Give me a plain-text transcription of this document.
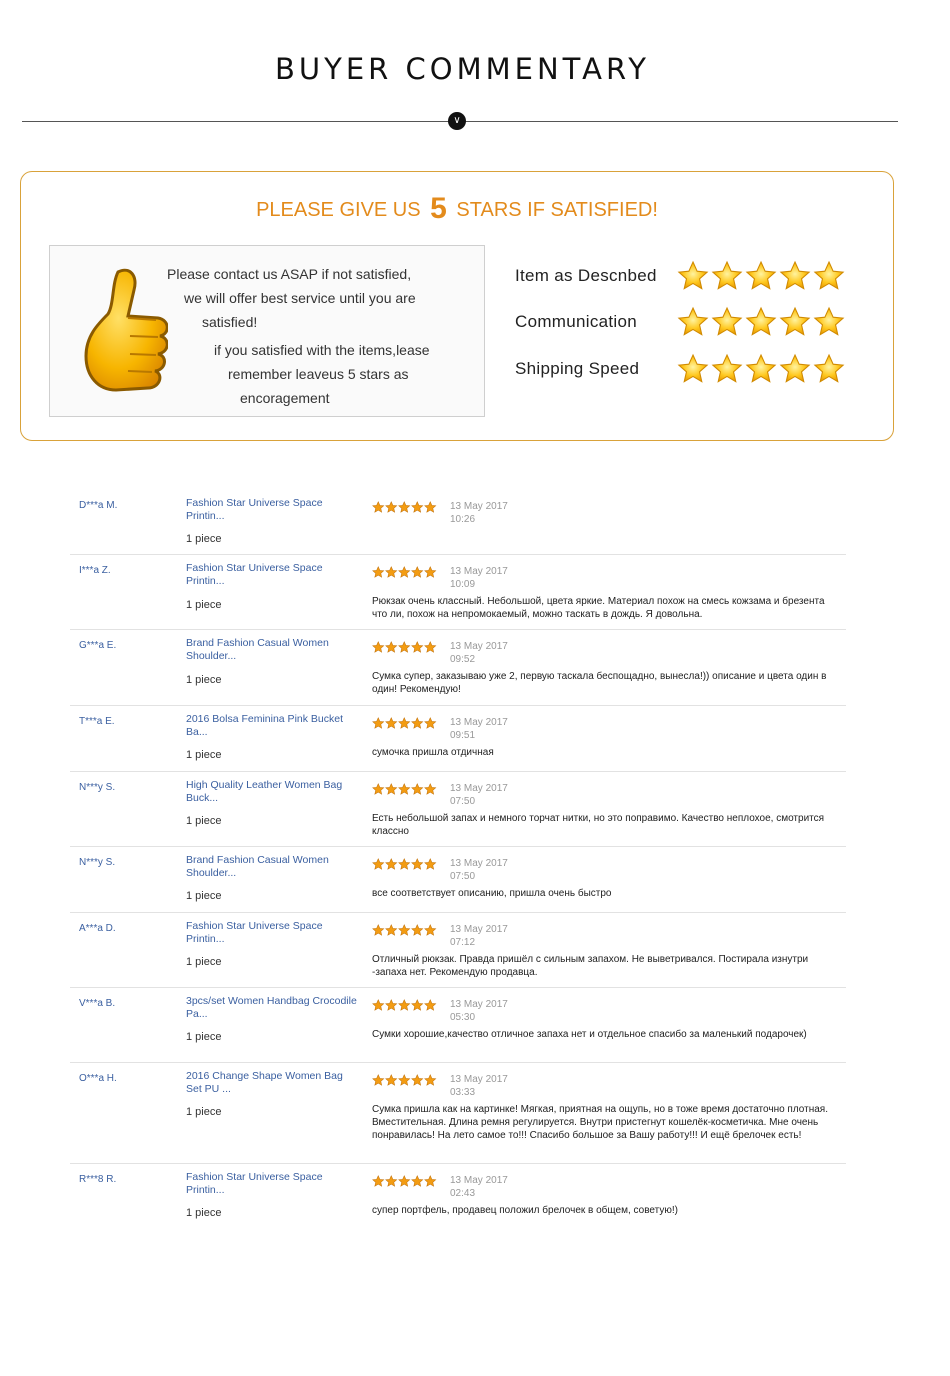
BUYER COMMENTARY
∨
PLEASE GIVE US 5 STARS IF SATISFIED!
Please contact us ASAP if not satisfied,
we will offer best service until you are
satisfied!
if you satisfied with the items,lease
remember leaveus 5 stars as
encoragement
Item as Descnbed
Communication
Shipping Speed
D***a M.	Fashion Star Universe Space Printin...
1 piece
13 May 2017
10:26
I***a Z.	Fashion Star Universe Space Printin...
1 piece
13 May 2017
10:09
Рюкзак очень классный. Небольшой, цвета яркие. Материал похож на смесь кожзама и брезента что ли, похож на непромокаемый, можно таскать в дождь. Я довольна.
G***a E.	Brand Fashion Casual Women Shoulder...
1 piece
13 May 2017
09:52
Сумка супер, заказываю уже 2, первую таскала беспощадно, вынесла!)) описание и цвета один в один! Рекомендую!
T***a E.	2016 Bolsa Feminina Pink Bucket Ba...
1 piece
13 May 2017
09:51
сумочка пришла отдичная
N***y S.	High Quality Leather Women Bag Buck...
1 piece
13 May 2017
07:50
Есть небольшой запах и немного торчат нитки, но это поправимо. Качество неплохое, смотрится классно
N***y S.	Brand Fashion Casual Women Shoulder...
1 piece
13 May 2017
07:50
все соответствует описанию, пришла очень быстро
A***a D.	Fashion Star Universe Space Printin...
1 piece
13 May 2017
07:12
Отличный рюкзак. Правда пришёл с сильным запахом. Не выветривался. Постирала изнутри -запаха нет. Рекомендую продавца.
V***a B.	3pcs/set Women Handbag Crocodile Pa...
1 piece
13 May 2017
05:30
Сумки хорошие,качество отличное запаха нет и отдельное спасибо за маленький подарочек)
O***a H.	2016 Change Shape Women Bag Set PU ...
1 piece
13 May 2017
03:33
Сумка пришла как на картинке! Мягкая, приятная на ощупь, но в тоже время достаточно плотная. Вместительная. Длина ремня регулируется. Внутри пристегнут кошелёк-косметичка. Мне очень понравилась! На лето самое то!!! Спасибо большое за Вашу работу!!! И ещё брелочек есть!
R***8 R.	Fashion Star Universe Space Printin...
1 piece
13 May 2017
02:43
супер портфель, продавец положил брелочек в общем, советую!)
